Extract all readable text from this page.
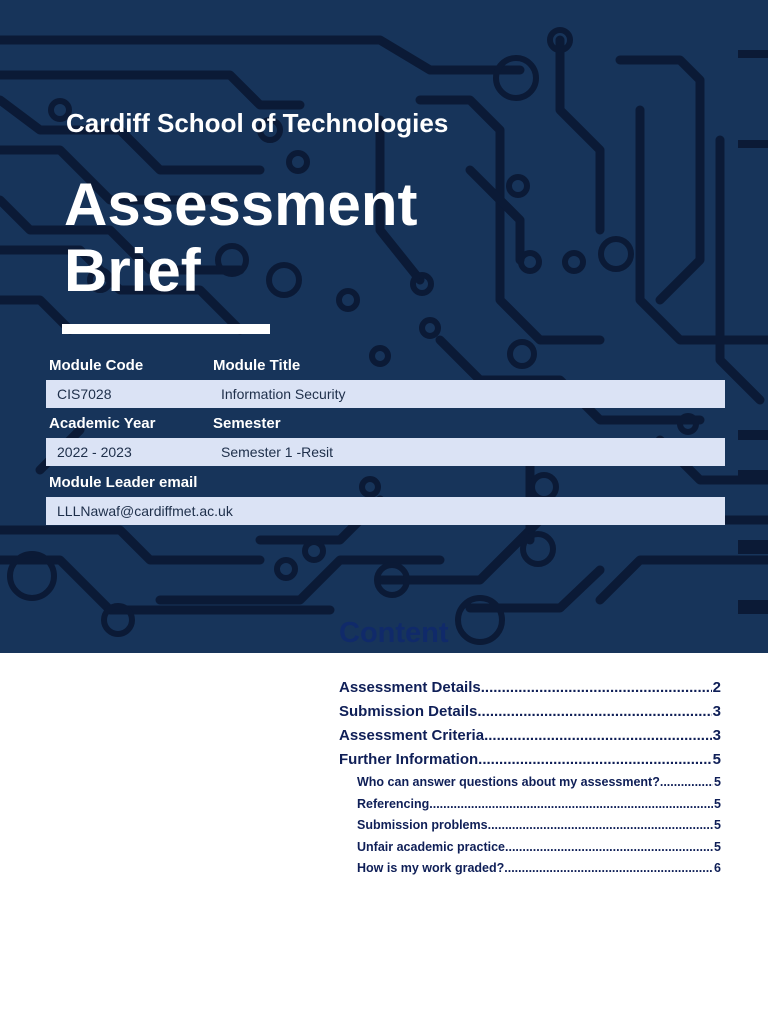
Cardiff School of Technologies
Assessment
Brief
Module Code	Module Title
CIS7028	Information Security
Academic Year	Semester
2022 - 2023	Semester 1 -Resit
Module Leader email
LLLNawaf@cardiffmet.ac.uk
Content
Assessment Details .....	2
Submission Details .....	3
Assessment Criteria .....	3
Further Information .....	5
Who can answer questions about my assessment? .....	5
Referencing .....	5
Submission problems .....	5
Unfair academic practice .....	5
How is my work graded? .....	6
